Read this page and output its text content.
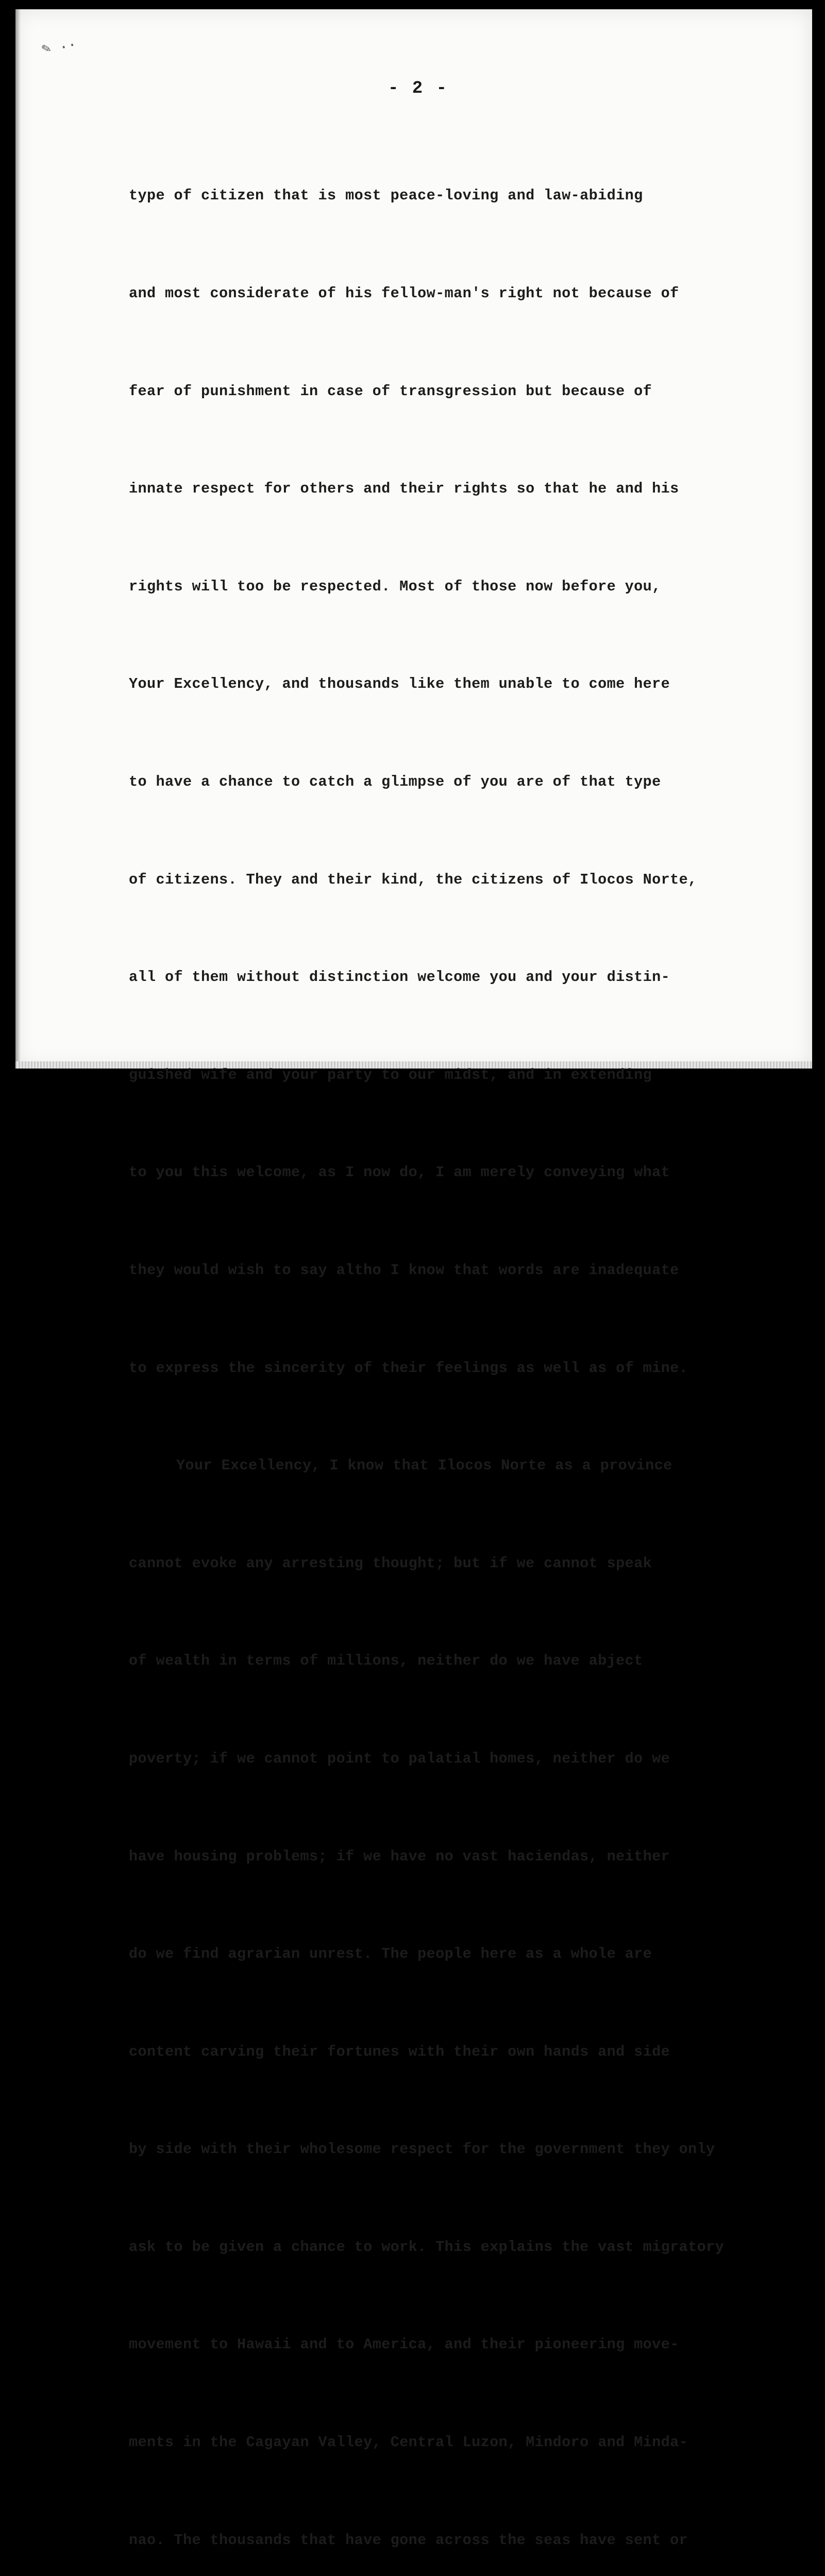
✎ ..
- 2 -

type of citizen that is most peace-loving and law-abiding

and most considerate of his fellow-man's right not because of

fear of punishment in case of transgression but because of

innate respect for others and their rights so that he and his

rights will too be respected. Most of those now before you,

Your Excellency, and thousands like them unable to come here

to have a chance to catch a glimpse of you are of that type

of citizens. They and their kind, the citizens of Ilocos Norte,

all of them without distinction welcome you and your distin-

guished wife and your party to our midst, and in extending

to you this welcome, as I now do, I am merely conveying what

they would wish to say altho I know that words are inadequate

to express the sincerity of their feelings as well as of mine.

Your Excellency, I know that Ilocos Norte as a province

cannot evoke any arresting thought; but if we cannot speak

of wealth in terms of millions, neither do we have abject

poverty; if we cannot point to palatial homes, neither do we

have housing problems; if we have no vast haciendas, neither

do we find agrarian unrest. The people here as a whole are

content carving their fortunes with their own hands and side

by side with their wholesome respect for the government they only

ask to be given a chance to work. This explains the vast migratory

movement to Hawaii and to America, and their pioneering move-

ments in the Cagayan Valley, Central Luzon, Mindoro and Minda-

nao. The thousands that have gone across the seas have sent or
